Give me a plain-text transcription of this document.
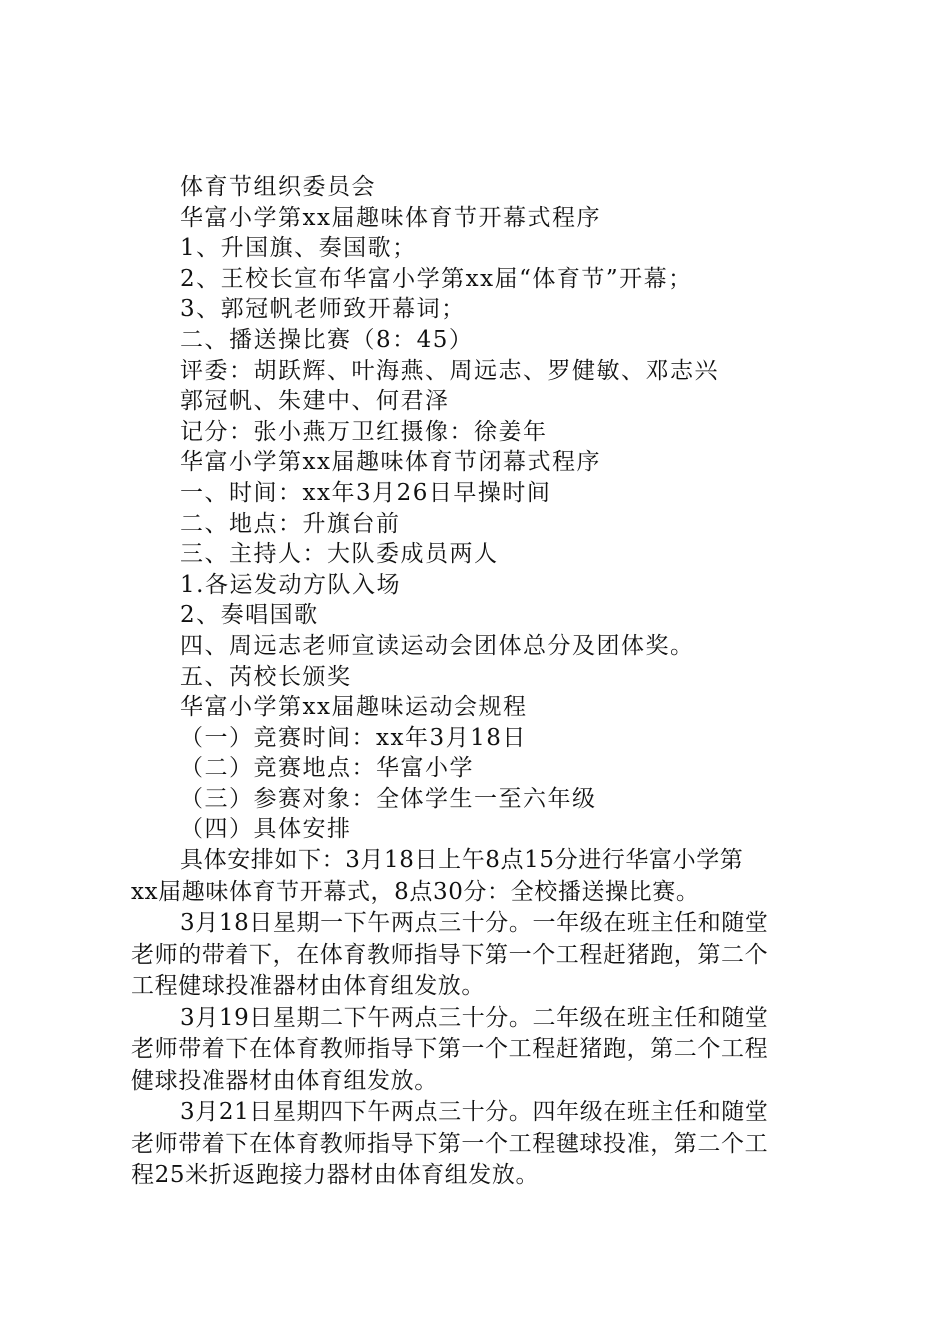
体育节组织委员会
华富小学第xx届趣味体育节开幕式程序
1、升国旗、奏国歌；
2、王校长宣布华富小学第xx届“体育节”开幕；
3、郭冠帆老师致开幕词；
二、播送操比赛（8：45）
评委：胡跃辉、叶海燕、周远志、罗健敏、邓志兴
郭冠帆、朱建中、何君泽
记分：张小燕万卫红摄像：徐姜年
华富小学第xx届趣味体育节闭幕式程序
一、时间：xx年3月26日早操时间
二、地点：升旗台前
三、主持人：大队委成员两人
1.各运发动方队入场
2、奏唱国歌
四、周远志老师宣读运动会团体总分及团体奖。
五、芮校长颁奖
华富小学第xx届趣味运动会规程
（一）竞赛时间：xx年3月18日
（二）竞赛地点：华富小学
（三）参赛对象：全体学生一至六年级
（四）具体安排
具体安排如下：3月18日上午8点15分进行华富小学第
xx届趣味体育节开幕式，8点30分：全校播送操比赛。
3月18日星期一下午两点三十分。一年级在班主任和随堂
老师的带着下，在体育教师指导下第一个工程赶猪跑，第二个
工程健球投准器材由体育组发放。
3月19日星期二下午两点三十分。二年级在班主任和随堂
老师带着下在体育教师指导下第一个工程赶猪跑，第二个工程
健球投准器材由体育组发放。
3月21日星期四下午两点三十分。四年级在班主任和随堂
老师带着下在体育教师指导下第一个工程毽球投准，第二个工
程25米折返跑接力器材由体育组发放。
